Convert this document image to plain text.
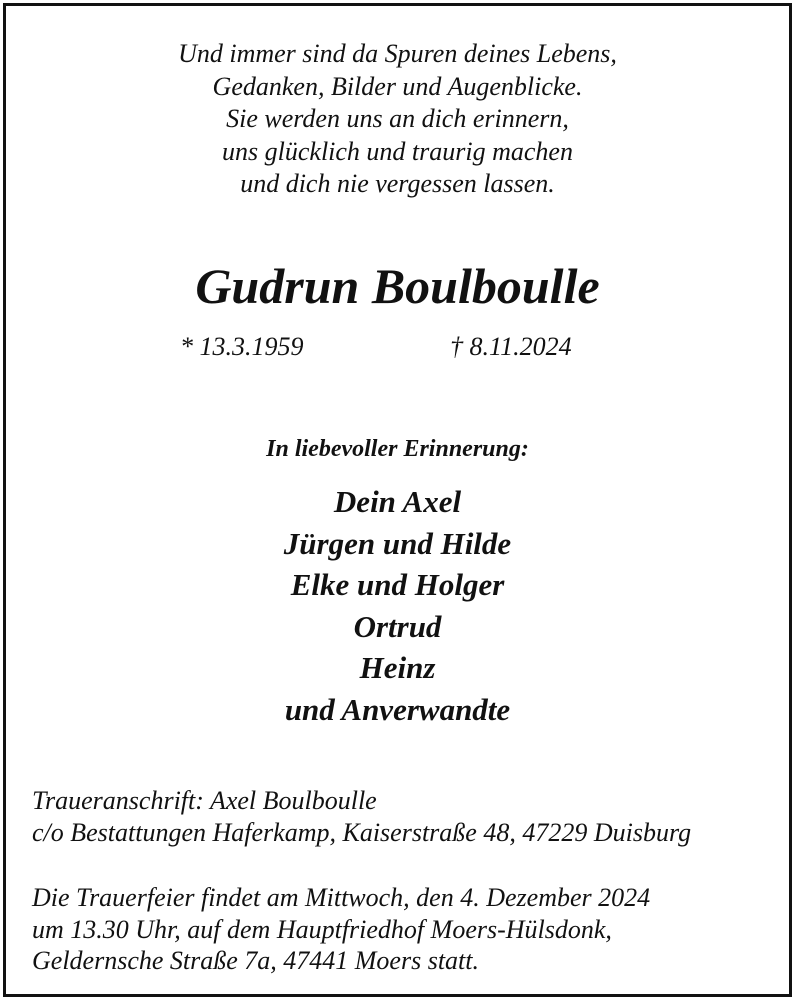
Und immer sind da Spuren deines Lebens,
Gedanken, Bilder und Augenblicke.
Sie werden uns an dich erinnern,
uns glücklich und traurig machen
und dich nie vergessen lassen.
Gudrun Boulboulle
* 13.3.1959	† 8.11.2024
In liebevoller Erinnerung:
Dein Axel
Jürgen und Hilde
Elke und Holger
Ortrud
Heinz
und Anverwandte
Traueranschrift: Axel Boulboulle
c/o Bestattungen Haferkamp, Kaiserstraße 48, 47229 Duisburg
Die Trauerfeier findet am Mittwoch, den 4. Dezember 2024
um 13.30 Uhr, auf dem Hauptfriedhof Moers-Hülsdonk,
Geldernsche Straße 7a, 47441 Moers statt.
